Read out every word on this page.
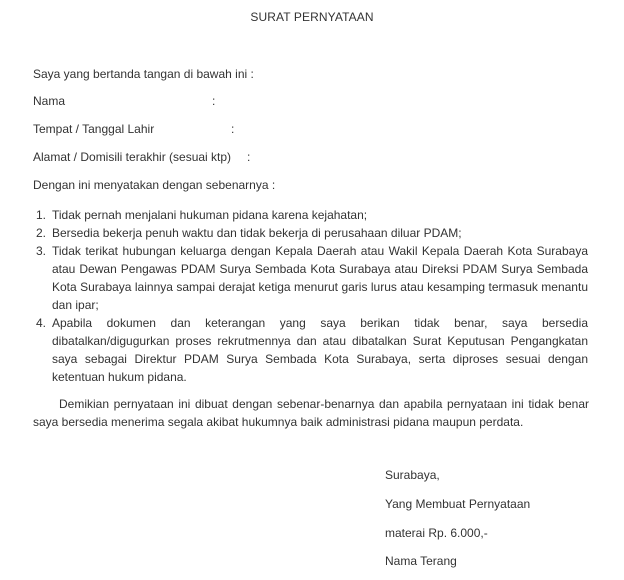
SURAT PERNYATAAN
Saya yang bertanda tangan di bawah ini :
Nama	:
Tempat / Tanggal Lahir	:
Alamat / Domisili terakhir (sesuai ktp) :
Dengan ini menyatakan dengan sebenarnya :
1. Tidak pernah menjalani hukuman pidana karena kejahatan;
2. Bersedia bekerja penuh waktu dan tidak bekerja di perusahaan diluar PDAM;
3. Tidak terikat hubungan keluarga dengan Kepala Daerah atau Wakil Kepala Daerah Kota Surabaya atau Dewan Pengawas PDAM Surya Sembada Kota Surabaya atau Direksi PDAM Surya Sembada Kota Surabaya lainnya sampai derajat ketiga menurut garis lurus atau kesamping termasuk menantu dan ipar;
4. Apabila dokumen dan keterangan yang saya berikan tidak benar, saya bersedia dibatalkan/digugurkan proses rekrutmennya dan atau dibatalkan Surat Keputusan Pengangkatan saya sebagai Direktur PDAM Surya Sembada Kota Surabaya, serta diproses sesuai dengan ketentuan hukum pidana.
Demikian pernyataan ini dibuat dengan sebenar-benarnya dan apabila pernyataan ini tidak benar saya bersedia menerima segala akibat hukumnya baik administrasi pidana maupun perdata.
Surabaya,
Yang Membuat Pernyataan
materai Rp. 6.000,-
Nama Terang
